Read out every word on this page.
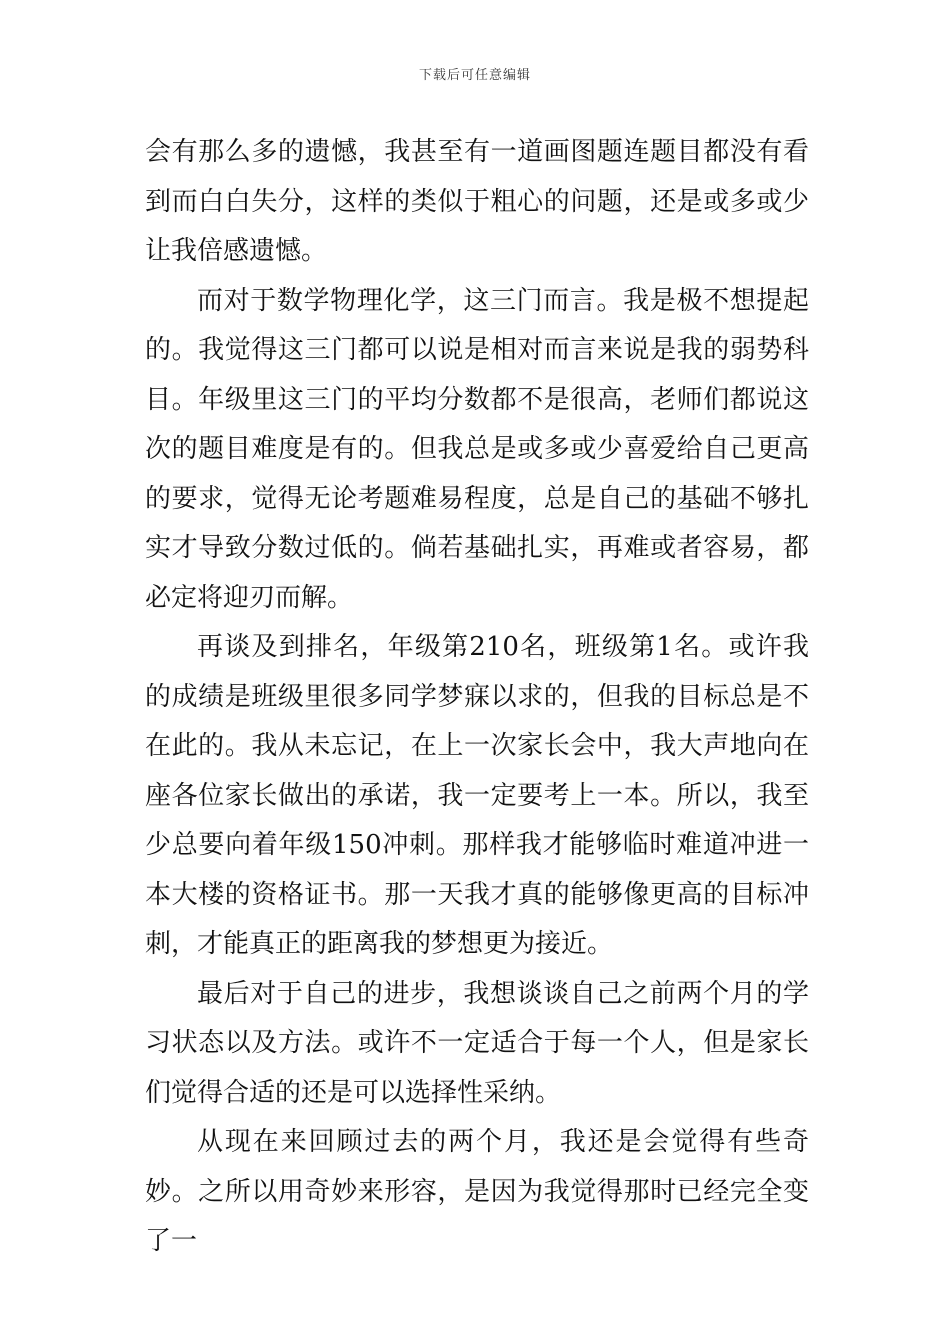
下载后可任意编辑

会有那么多的遗憾，我甚至有一道画图题连题目都没有看到而白白失分，这样的类似于粗心的问题，还是或多或少让我倍感遗憾。

而对于数学物理化学，这三门而言。我是极不想提起的。我觉得这三门都可以说是相对而言来说是我的弱势科目。年级里这三门的平均分数都不是很高，老师们都说这次的题目难度是有的。但我总是或多或少喜爱给自己更高的要求，觉得无论考题难易程度，总是自己的基础不够扎实才导致分数过低的。倘若基础扎实，再难或者容易，都必定将迎刃而解。

再谈及到排名，年级第210名，班级第1名。或许我的成绩是班级里很多同学梦寐以求的，但我的目标总是不在此的。我从未忘记，在上一次家长会中，我大声地向在座各位家长做出的承诺，我一定要考上一本。所以，我至少总要向着年级150冲刺。那样我才能够临时难道冲进一本大楼的资格证书。那一天我才真的能够像更高的目标冲刺，才能真正的距离我的梦想更为接近。

最后对于自己的进步，我想谈谈自己之前两个月的学习状态以及方法。或许不一定适合于每一个人，但是家长们觉得合适的还是可以选择性采纳。

从现在来回顾过去的两个月，我还是会觉得有些奇妙。之所以用奇妙来形容，是因为我觉得那时已经完全变了一
